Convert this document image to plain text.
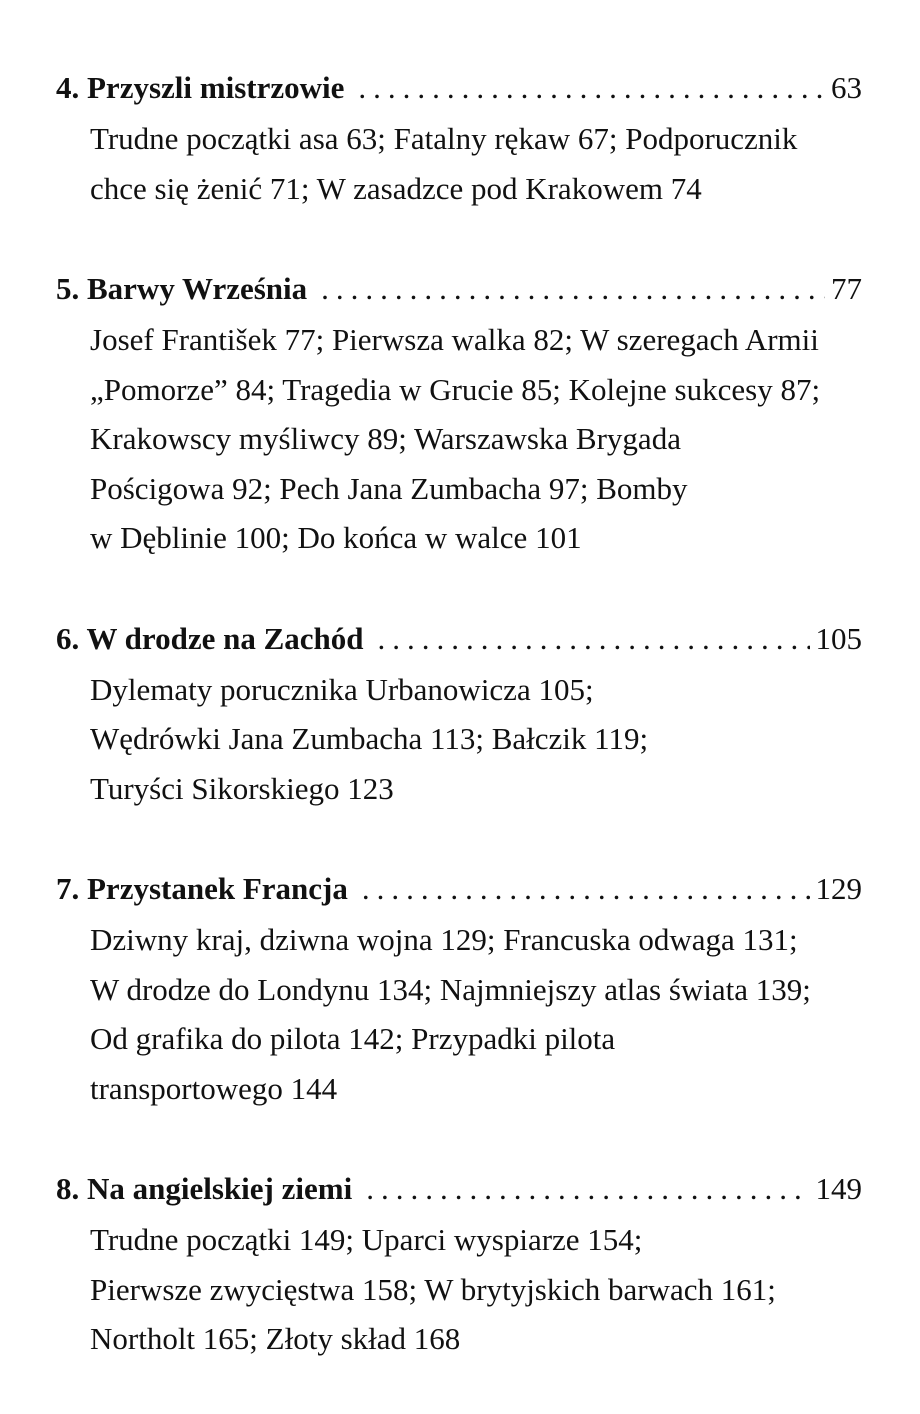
4. Przyszli mistrzowie .....	63

Trudne początki asa 63; Fatalny rękaw 67; Podporucznik
chce się żenić 71; W zasadzce pod Krakowem 74

5. Barwy Września .....	77

Josef František 77; Pierwsza walka 82; W szeregach Armii
„Pomorze” 84; Tragedia w Grucie 85; Kolejne sukcesy 87;
Krakowscy myśliwcy 89; Warszawska Brygada
Pościgowa 92; Pech Jana Zumbacha 97; Bomby
w Dęblinie 100; Do końca w walce 101

6. W drodze na Zachód .....	105

Dylematy porucznika Urbanowicza 105;
Wędrówki Jana Zumbacha 113; Bałczik 119;
Turyści Sikorskiego 123

7. Przystanek Francja .....	129

Dziwny kraj, dziwna wojna 129; Francuska odwaga 131;
W drodze do Londynu 134; Najmniejszy atlas świata 139;
Od grafika do pilota 142; Przypadki pilota
transportowego 144

8. Na angielskiej ziemi .....	149

Trudne początki 149; Uparci wyspiarze 154;
Pierwsze zwycięstwa 158; W brytyjskich barwach 161;
Northolt 165; Złoty skład 168
